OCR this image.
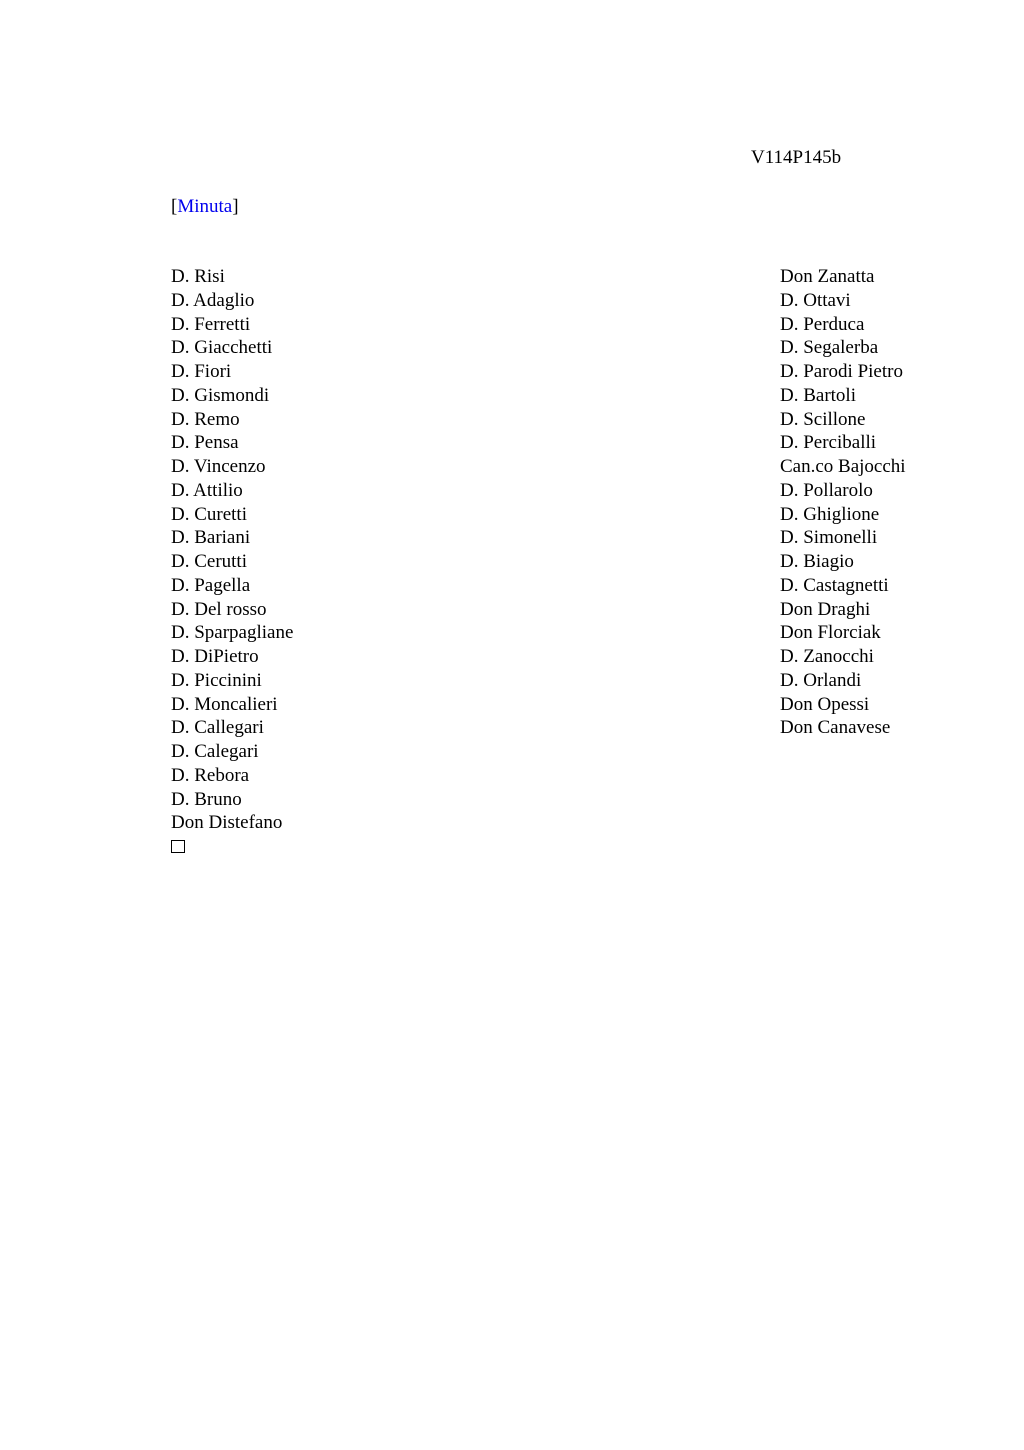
V114P145b
[Minuta]
D. Risi
D. Adaglio
D. Ferretti
D. Giacchetti
D. Fiori
D. Gismondi
D. Remo
D. Pensa
D. Vincenzo
D. Attilio
D. Curetti
D. Bariani
D. Cerutti
D. Pagella
D. Del rosso
D. Sparpagliane
D. DiPietro
D. Piccinini
D. Moncalieri
D. Callegari
D. Calegari
D. Rebora
D. Bruno
Don Distefano
Don Zanatta
D. Ottavi
D. Perduca
D. Segalerba
D. Parodi Pietro
D. Bartoli
D. Scillone
D. Perciballi
Can.co Bajocchi
D. Pollarolo
D. Ghiglione
D. Simonelli
D. Biagio
D. Castagnetti
Don Draghi
Don Florciak
D. Zanocchi
D. Orlandi
Don Opessi
Don Canavese
